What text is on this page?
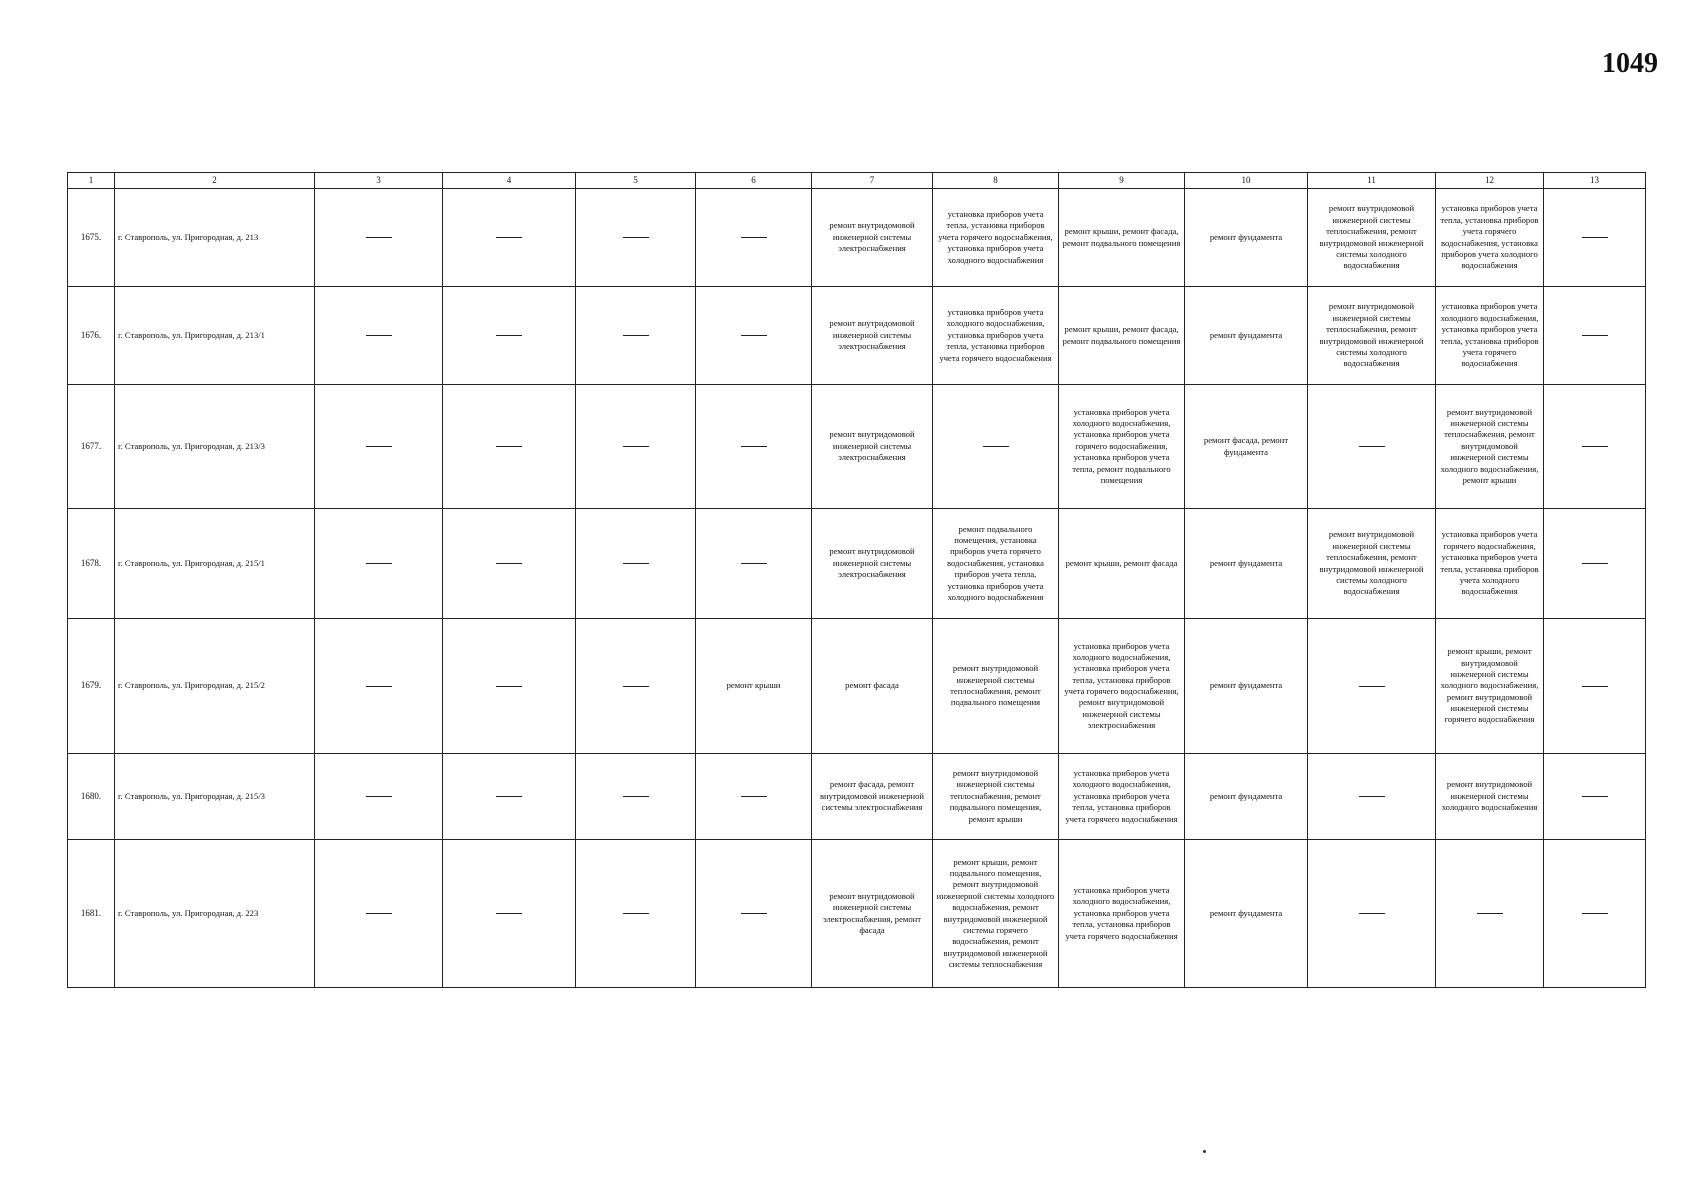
1049
1	2	3	4	5	6	7	8	9	10	11	12	13
1675.	г. Ставрополь, ул. Пригородная, д. 213					ремонт внутридомовой инженерной системы электроснабжения	установка приборов учета тепла, установка приборов учета горячего водоснабжения, установка приборов учета холодного водоснабжения	ремонт крыши, ремонт фасада, ремонт подвального помещения	ремонт фундамента	ремонт внутридомовой инженерной системы теплоснабжения, ремонт внутридомовой инженерной системы холодного водоснабжения	установка приборов учета тепла, установка приборов учета горячего водоснабжения, установка приборов учета холодного водоснабжения	
1676.	г. Ставрополь, ул. Пригородная, д. 213/1					ремонт внутридомовой инженерной системы электроснабжения	установка приборов учета холодного водоснабжения, установка приборов учета тепла, установка приборов учета горячего водоснабжения	ремонт крыши, ремонт фасада, ремонт подвального помещения	ремонт фундамента	ремонт внутридомовой инженерной системы теплоснабжения, ремонт внутридомовой инженерной системы холодного водоснабжения	установка приборов учета холодного водоснабжения, установка приборов учета тепла, установка приборов учета горячего водоснабжения	
1677.	г. Ставрополь, ул. Пригородная, д. 213/3					ремонт внутридомовой инженерной системы электроснабжения		установка приборов учета холодного водоснабжения, установка приборов учета горячего водоснабжения, установка приборов учета тепла, ремонт подвального помещения	ремонт фасада, ремонт фундамента		ремонт внутридомовой инженерной системы теплоснабжения, ремонт внутридомовой инженерной системы холодного водоснабжения, ремонт крыши	
1678.	г. Ставрополь, ул. Пригородная, д. 215/1					ремонт внутридомовой инженерной системы электроснабжения	ремонт подвального помещения, установка приборов учета горячего водоснабжения, установка приборов учета тепла, установка приборов учета холодного водоснабжения	ремонт крыши, ремонт фасада	ремонт фундамента	ремонт внутридомовой инженерной системы теплоснабжения, ремонт внутридомовой инженерной системы холодного водоснабжения	установка приборов учета горячего водоснабжения, установка приборов учета тепла, установка приборов учета холодного водоснабжения	
1679.	г. Ставрополь, ул. Пригородная, д. 215/2				ремонт крыши	ремонт фасада	ремонт внутридомовой инженерной системы теплоснабжения, ремонт подвального помещения	установка приборов учета холодного водоснабжения, установка приборов учета тепла, установка приборов учета горячего водоснабжения, ремонт внутридомовой инженерной системы электроснабжения	ремонт фундамента		ремонт крыши, ремонт внутридомовой инженерной системы холодного водоснабжения, ремонт внутридомовой инженерной системы горячего водоснабжения	
1680.	г. Ставрополь, ул. Пригородная, д. 215/3					ремонт фасада, ремонт внутридомовой инженерной системы электроснабжения	ремонт внутридомовой инженерной системы теплоснабжения, ремонт подвального помещения, ремонт крыши	установка приборов учета холодного водоснабжения, установка приборов учета тепла, установка приборов учета горячего водоснабжения	ремонт фундамента		ремонт внутридомовой инженерной системы холодного водоснабжения	
1681.	г. Ставрополь, ул. Пригородная, д. 223					ремонт внутридомовой инженерной системы электроснабжения, ремонт фасада	ремонт крыши, ремонт подвального помещения, ремонт внутридомовой инженерной системы холодного водоснабжения, ремонт внутридомовой инженерной системы горячего водоснабжения, ремонт внутридомовой инженерной системы теплоснабжения	установка приборов учета холодного водоснабжения, установка приборов учета тепла, установка приборов учета горячего водоснабжения	ремонт фундамента			
